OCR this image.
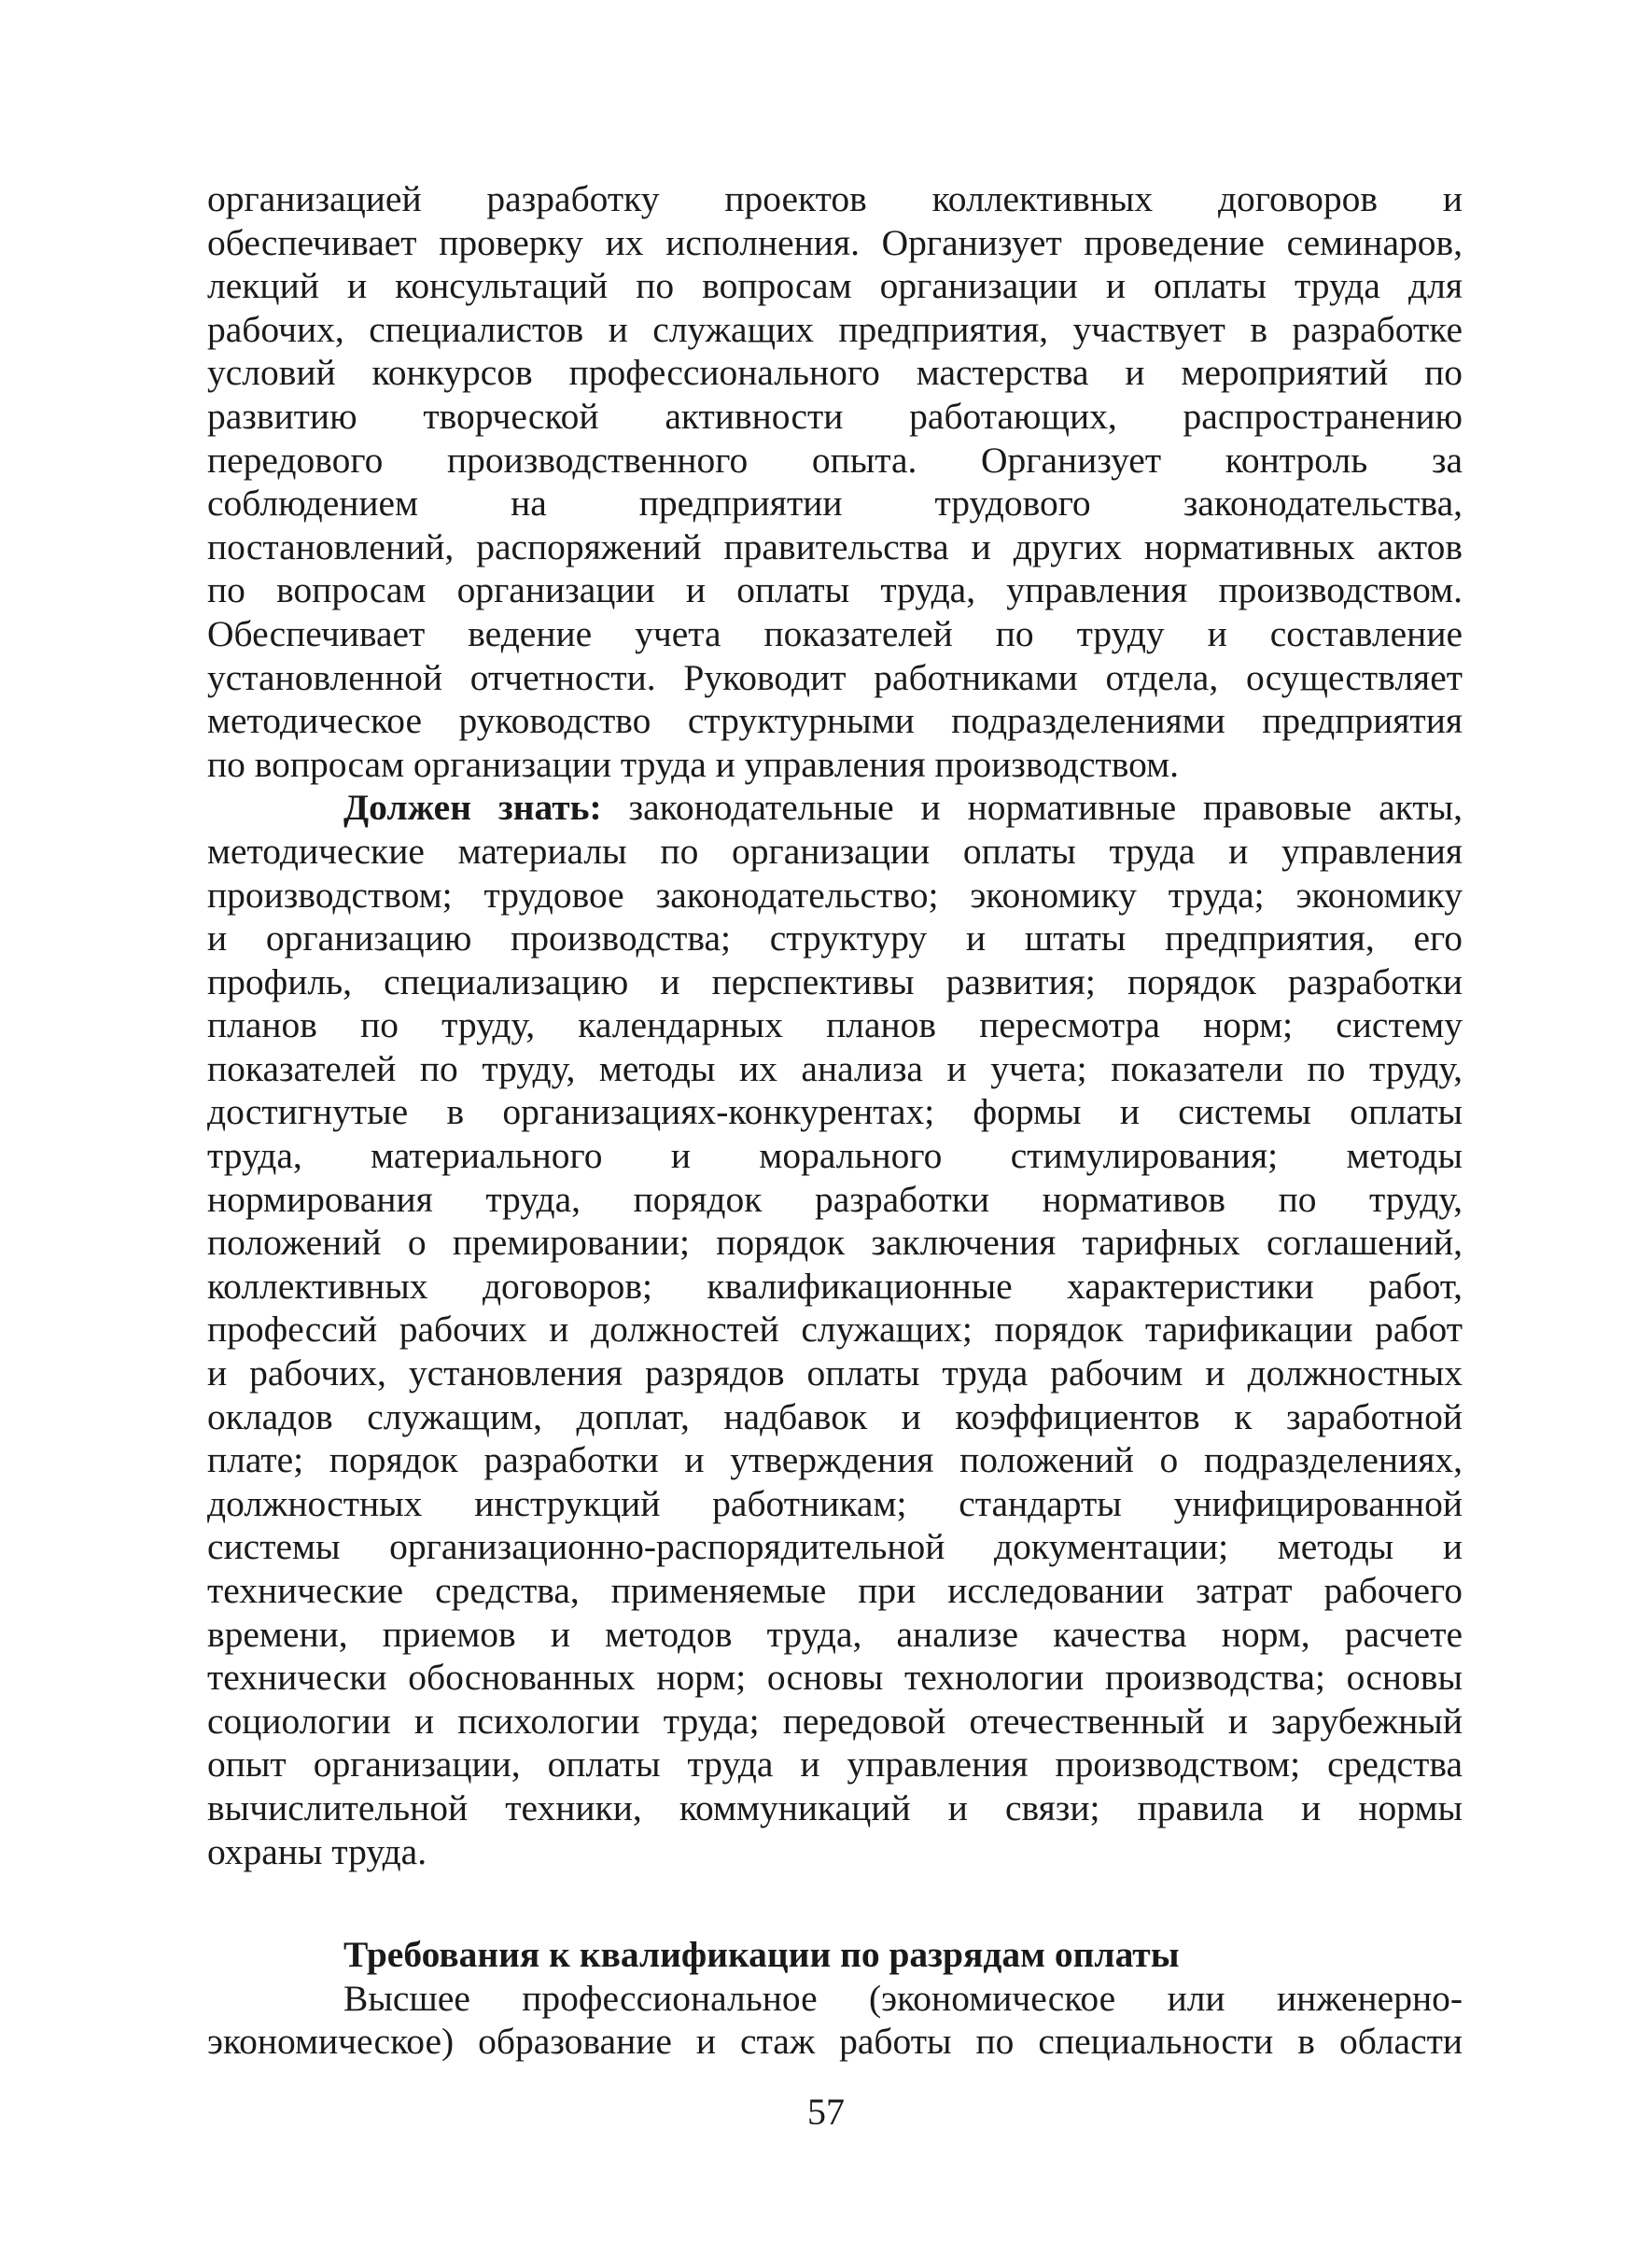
организацией разработку проектов коллективных договоров и
обеспечивает проверку их исполнения. Организует проведение семинаров,
лекций и консультаций по вопросам организации и оплаты труда для
рабочих, специалистов и служащих предприятия, участвует в разработке
условий конкурсов профессионального мастерства и мероприятий по
развитию творческой активности работающих, распространению
передового производственного опыта. Организует контроль за
соблюдением на предприятии трудового законодательства,
постановлений, распоряжений правительства и других нормативных актов
по вопросам организации и оплаты труда, управления производством.
Обеспечивает ведение учета показателей по труду и составление
установленной отчетности. Руководит работниками отдела, осуществляет
методическое руководство структурными подразделениями предприятия
по вопросам организации труда и управления производством.

Должен знать: законодательные и нормативные правовые акты,
методические материалы по организации оплаты труда и управления
производством; трудовое законодательство; экономику труда; экономику
и организацию производства; структуру и штаты предприятия, его
профиль, специализацию и перспективы развития; порядок разработки
планов по труду, календарных планов пересмотра норм; систему
показателей по труду, методы их анализа и учета; показатели по труду,
достигнутые в организациях-конкурентах; формы и системы оплаты
труда, материального и морального стимулирования; методы
нормирования труда, порядок разработки нормативов по труду,
положений о премировании; порядок заключения тарифных соглашений,
коллективных договоров; квалификационные характеристики работ,
профессий рабочих и должностей служащих; порядок тарификации работ
и рабочих, установления разрядов оплаты труда рабочим и должностных
окладов служащим, доплат, надбавок и коэффициентов к заработной
плате; порядок разработки и утверждения положений о подразделениях,
должностных инструкций работникам; стандарты унифицированной
системы организационно-распорядительной документации; методы и
технические средства, применяемые при исследовании затрат рабочего
времени, приемов и методов труда, анализе качества норм, расчете
технически обоснованных норм; основы технологии производства; основы
социологии и психологии труда; передовой отечественный и зарубежный
опыт организации, оплаты труда и управления производством; средства
вычислительной техники, коммуникаций и связи; правила и нормы
охраны труда.

Требования к квалификации по разрядам оплаты

Высшее профессиональное (экономическое или инженерно-
экономическое) образование и стаж работы по специальности в области

57
